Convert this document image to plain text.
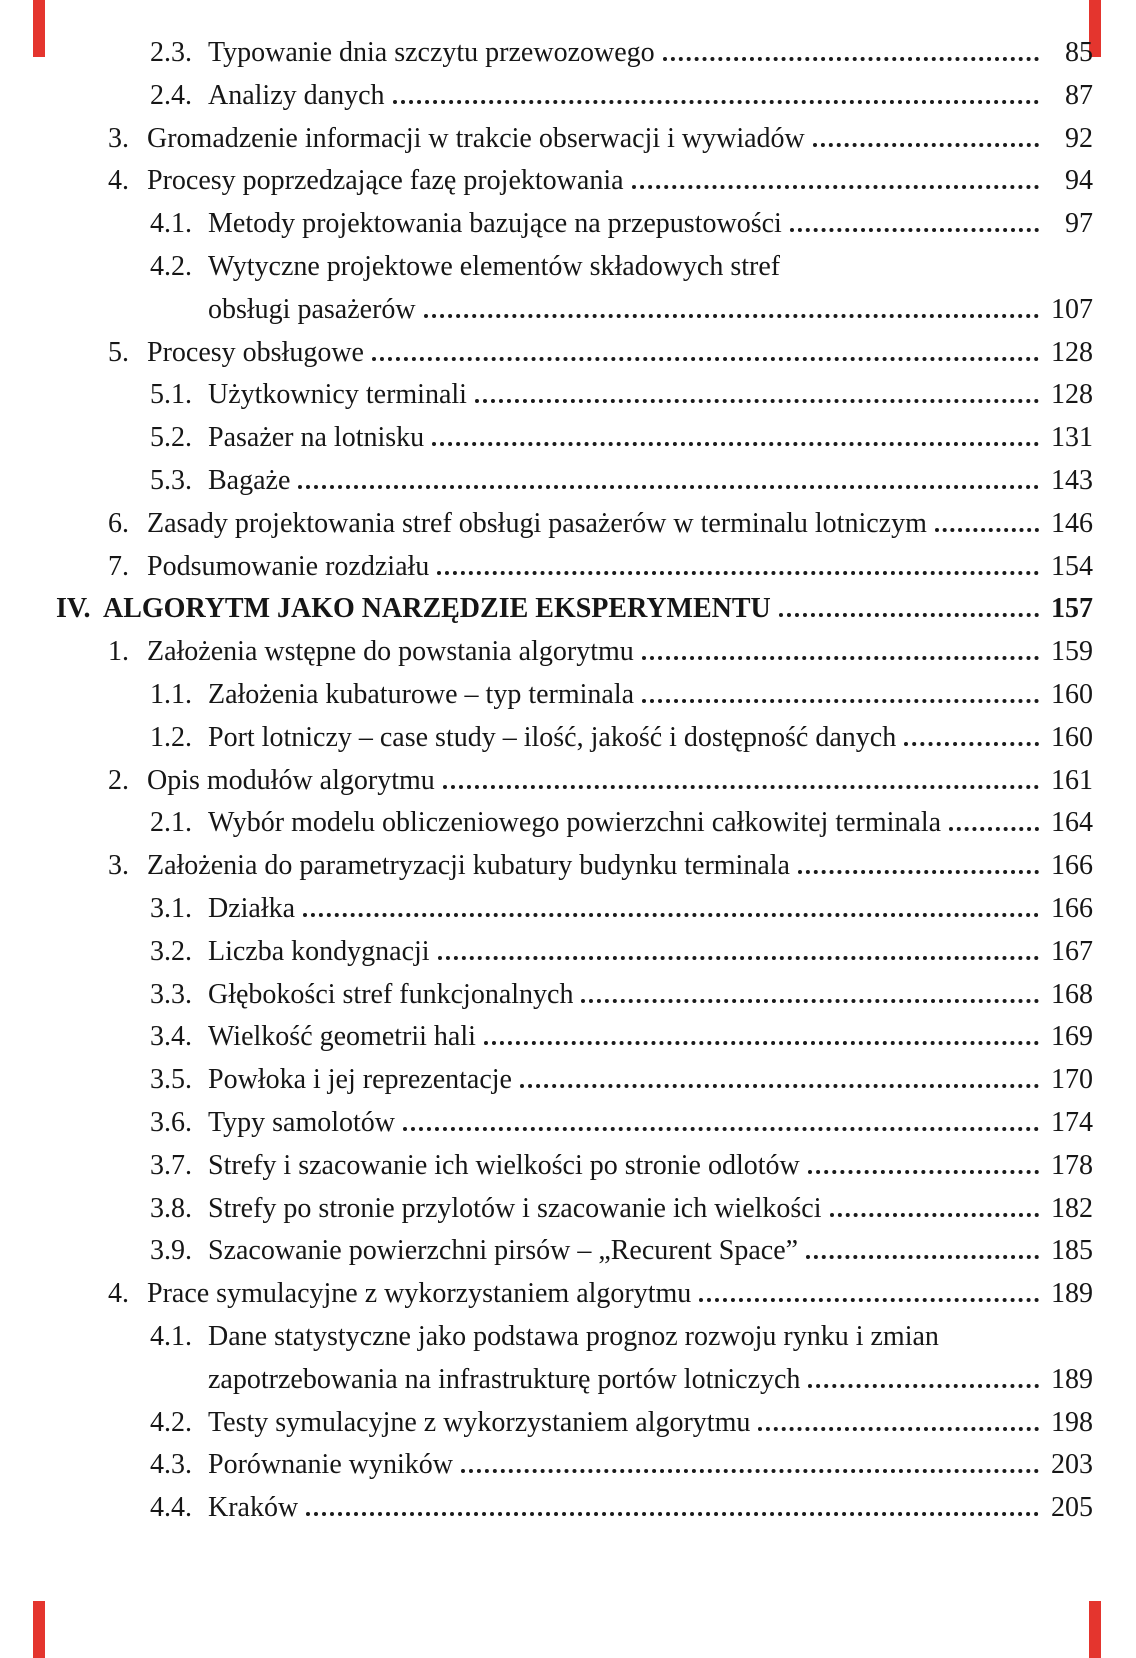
2.3. Typowanie dnia szczytu przewozowego	85
2.4. Analizy danych	87
3. Gromadzenie informacji w trakcie obserwacji i wywiadów	92
4. Procesy poprzedzające fazę projektowania	94
4.1. Metody projektowania bazujące na przepustowości	97
4.2. Wytyczne projektowe elementów składowych stref
obsługi pasażerów	107
5. Procesy obsługowe	128
5.1. Użytkownicy terminali	128
5.2. Pasażer na lotnisku	131
5.3. Bagaże	143
6. Zasady projektowania stref obsługi pasażerów w terminalu lotniczym	146
7. Podsumowanie rozdziału	154
IV. ALGORYTM JAKO NARZĘDZIE EKSPERYMENTU	157
1. Założenia wstępne do powstania algorytmu	159
1.1. Założenia kubaturowe – typ terminala	160
1.2. Port lotniczy – case study – ilość, jakość i dostępność danych	160
2. Opis modułów algorytmu	161
2.1. Wybór modelu obliczeniowego powierzchni całkowitej terminala	164
3. Założenia do parametryzacji kubatury budynku terminala	166
3.1. Działka	166
3.2. Liczba kondygnacji	167
3.3. Głębokości stref funkcjonalnych	168
3.4. Wielkość geometrii hali	169
3.5. Powłoka i jej reprezentacje	170
3.6. Typy samolotów	174
3.7. Strefy i szacowanie ich wielkości po stronie odlotów	178
3.8. Strefy po stronie przylotów i szacowanie ich wielkości	182
3.9. Szacowanie powierzchni pirsów – „Recurent Space”	185
4. Prace symulacyjne z wykorzystaniem algorytmu	189
4.1. Dane statystyczne jako podstawa prognoz rozwoju rynku i zmian
zapotrzebowania na infrastrukturę portów lotniczych	189
4.2. Testy symulacyjne z wykorzystaniem algorytmu	198
4.3. Porównanie wyników	203
4.4. Kraków	205
